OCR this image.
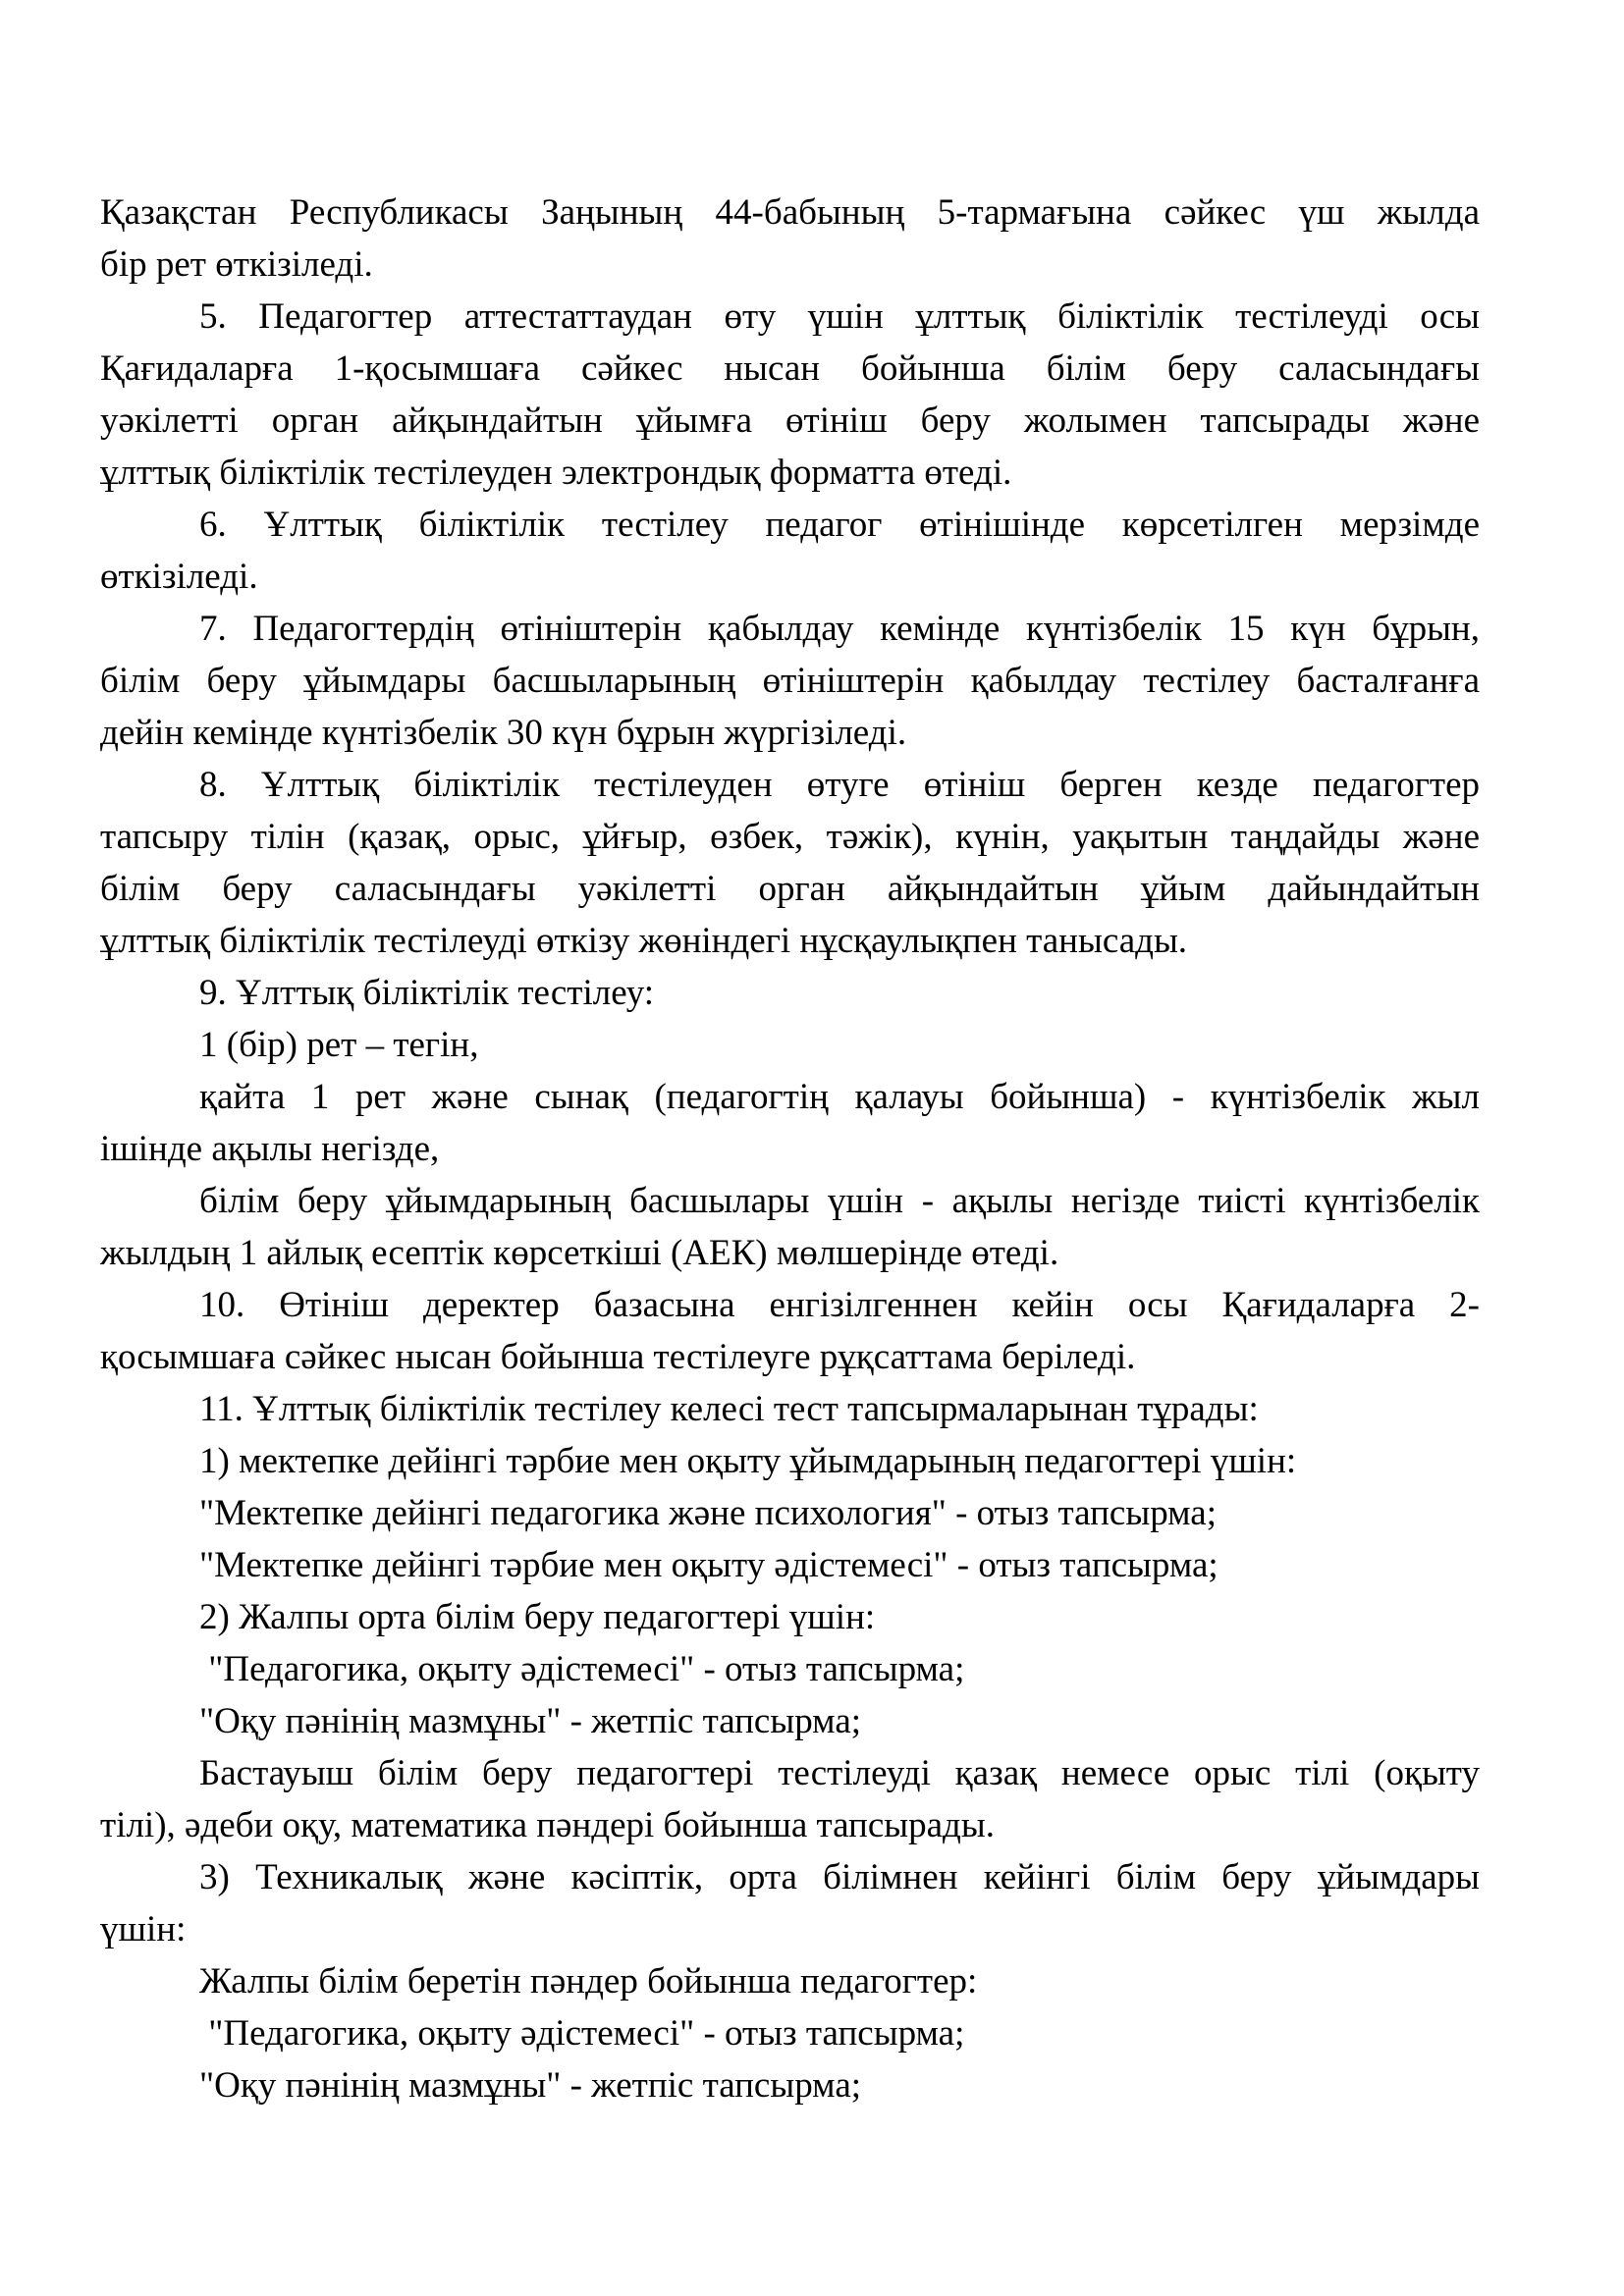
Қазақстан Республикасы Заңының 44-бабының 5-тармағына сәйкес үш жылда
бір рет өткізіледі.
5. Педагогтер аттестаттаудан өту үшін ұлттық біліктілік тестілеуді осы
Қағидаларға 1-қосымшаға сәйкес нысан бойынша білім беру саласындағы
уәкілетті орган айқындайтын ұйымға өтініш беру жолымен тапсырады және
ұлттық біліктілік тестілеуден электрондық форматта өтеді.
6. Ұлттық біліктілік тестілеу педагог өтінішінде көрсетілген мерзімде
өткізіледі.
7. Педагогтердің өтініштерін қабылдау кемінде күнтізбелік 15 күн бұрын,
білім беру ұйымдары басшыларының өтініштерін қабылдау тестілеу басталғанға
дейін кемінде күнтізбелік 30 күн бұрын жүргізіледі.
8. Ұлттық біліктілік тестілеуден өтуге өтініш берген кезде педагогтер
тапсыру тілін (қазақ, орыс, ұйғыр, өзбек, тәжік), күнін, уақытын таңдайды және
білім беру саласындағы уәкілетті орган айқындайтын ұйым дайындайтын
ұлттық біліктілік тестілеуді өткізу жөніндегі нұсқаулықпен танысады.
9. Ұлттық біліктілік тестілеу:
1 (бір) рет – тегін,
қайта 1 рет және сынақ (педагогтің қалауы бойынша) - күнтізбелік жыл
ішінде ақылы негізде,
білім беру ұйымдарының басшылары үшін - ақылы негізде тиісті күнтізбелік
жылдың 1 айлық есептік көрсеткіші (АЕК) мөлшерінде өтеді.
10. Өтініш деректер базасына енгізілгеннен кейін осы Қағидаларға 2-
қосымшаға сәйкес нысан бойынша тестілеуге рұқсаттама беріледі.
11. Ұлттық біліктілік тестілеу келесі тест тапсырмаларынан тұрады:
1) мектепке дейінгі тәрбие мен оқыту ұйымдарының педагогтері үшін:
"Мектепке дейінгі педагогика және психология" - отыз тапсырма;
"Мектепке дейінгі тәрбие мен оқыту әдістемесі" - отыз тапсырма;
2) Жалпы орта білім беру педагогтері үшін:
"Педагогика, оқыту әдістемесі" - отыз тапсырма;
"Оқу пәнінің мазмұны" - жетпіс тапсырма;
Бастауыш білім беру педагогтері тестілеуді қазақ немесе орыс тілі (оқыту
тілі), әдеби оқу, математика пәндері бойынша тапсырады.
3) Техникалық және кәсіптік, орта білімнен кейінгі білім беру ұйымдары
үшін:
Жалпы білім беретін пәндер бойынша педагогтер:
"Педагогика, оқыту әдістемесі" - отыз тапсырма;
"Оқу пәнінің мазмұны" - жетпіс тапсырма;
